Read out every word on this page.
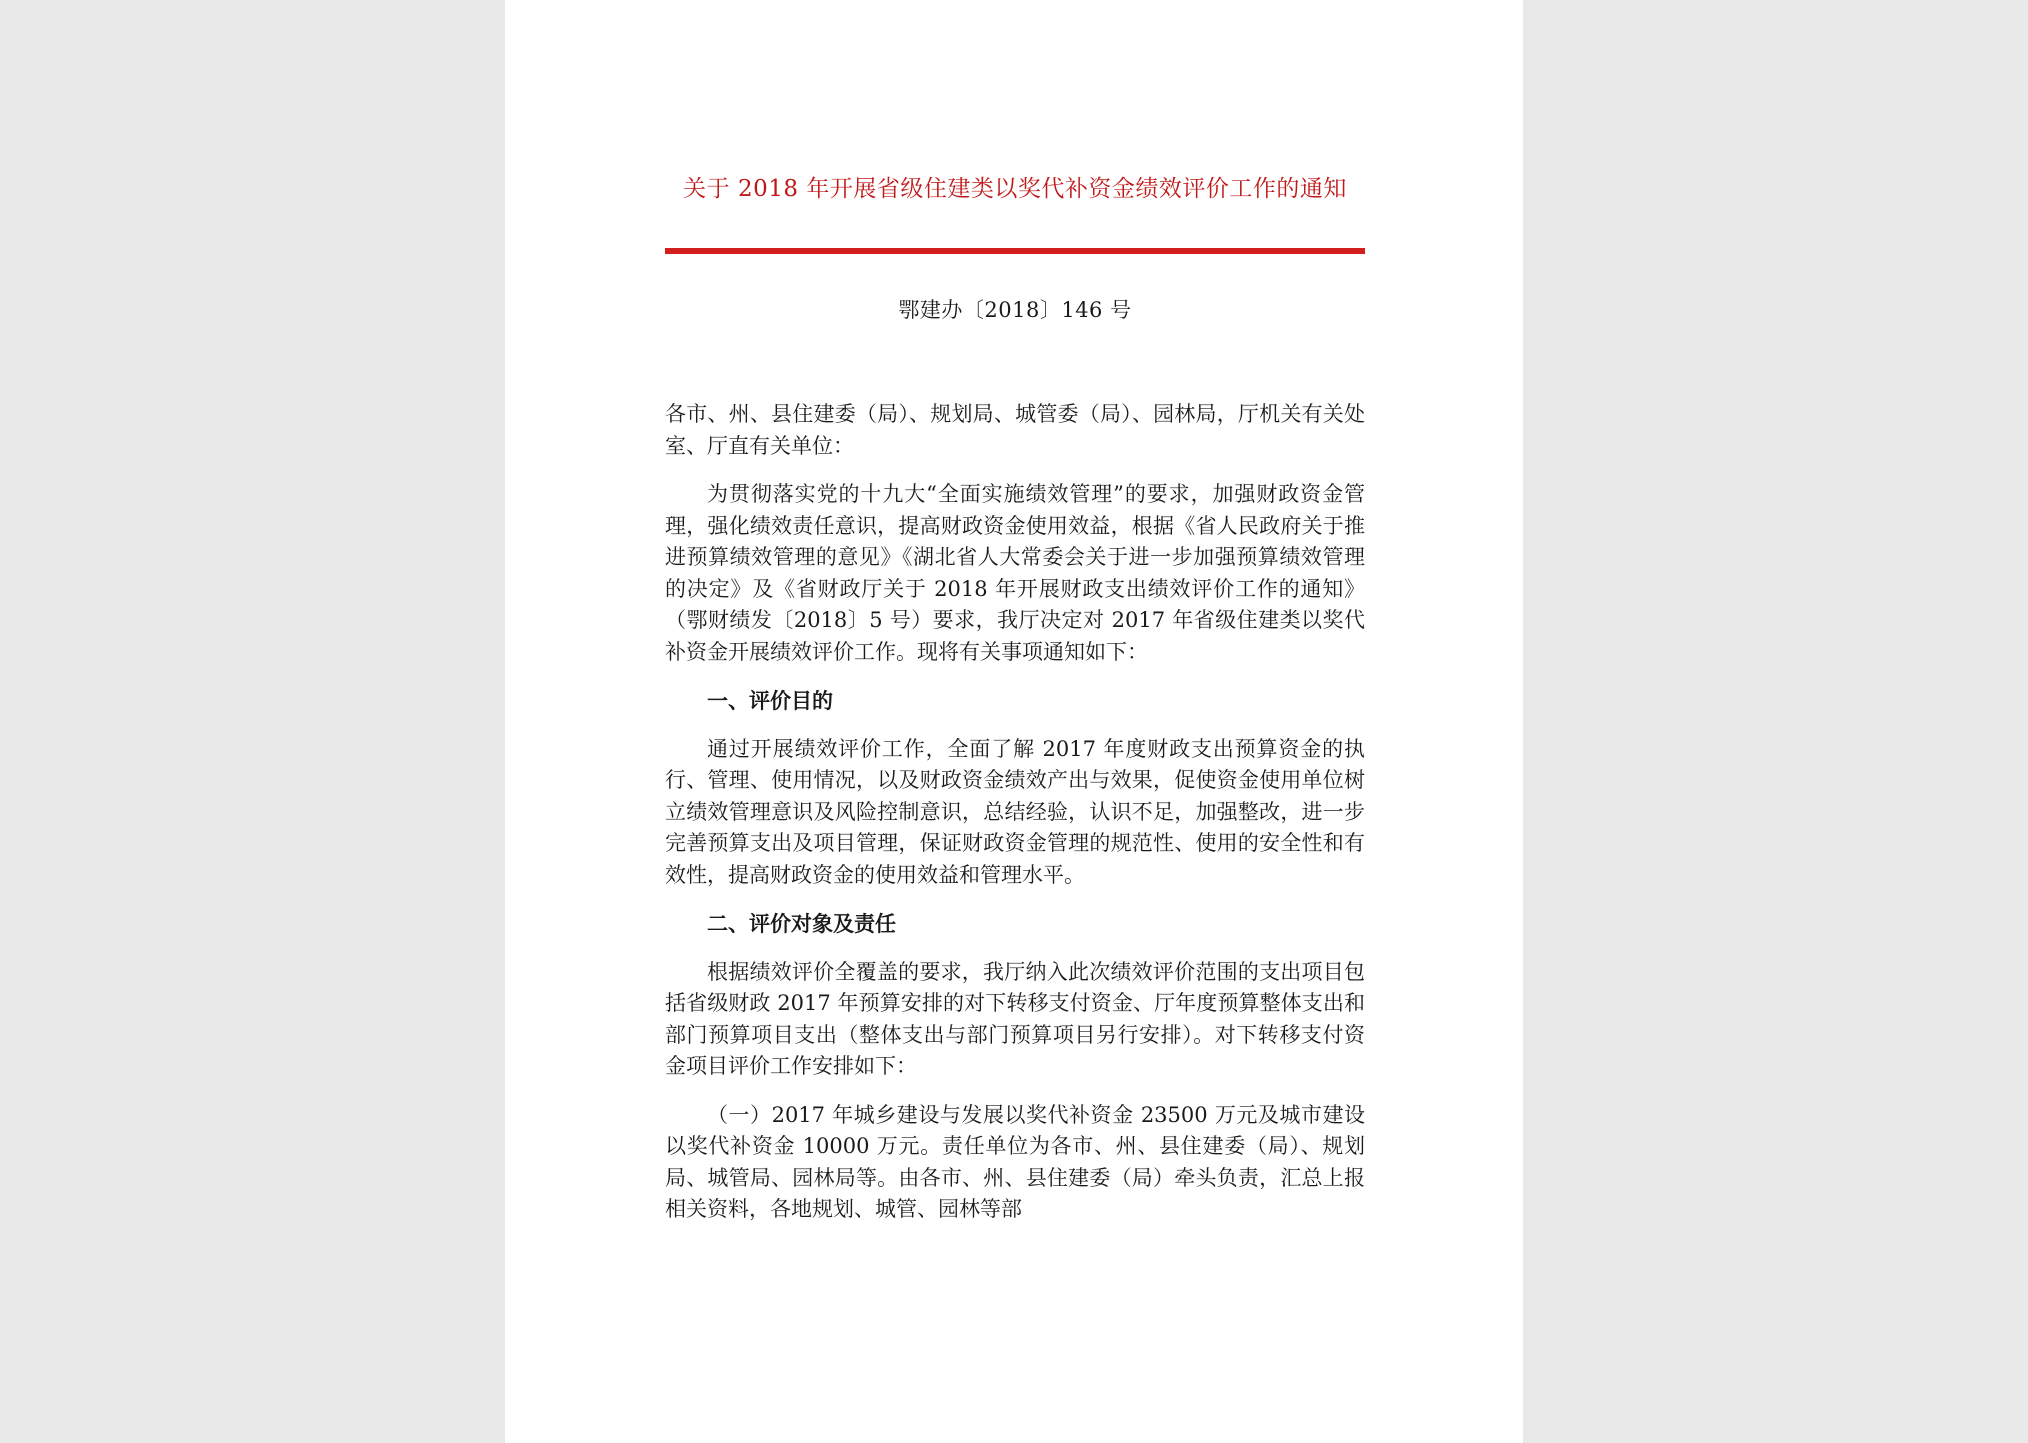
关于 2018 年开展省级住建类以奖代补资金绩效评价工作的通知
鄂建办〔2018〕146 号

各市、州、县住建委（局）、规划局、城管委（局）、园林局，厅机关有关处室、厅直有关单位：

为贯彻落实党的十九大“全面实施绩效管理”的要求，加强财政资金管理，强化绩效责任意识，提高财政资金使用效益，根据《省人民政府关于推进预算绩效管理的意见》《湖北省人大常委会关于进一步加强预算绩效管理的决定》及《省财政厅关于 2018 年开展财政支出绩效评价工作的通知》（鄂财绩发〔2018〕5 号）要求，我厅决定对 2017 年省级住建类以奖代补资金开展绩效评价工作。现将有关事项通知如下：

一、评价目的

通过开展绩效评价工作，全面了解 2017 年度财政支出预算资金的执行、管理、使用情况，以及财政资金绩效产出与效果，促使资金使用单位树立绩效管理意识及风险控制意识，总结经验，认识不足，加强整改，进一步完善预算支出及项目管理，保证财政资金管理的规范性、使用的安全性和有效性，提高财政资金的使用效益和管理水平。

二、评价对象及责任

根据绩效评价全覆盖的要求，我厅纳入此次绩效评价范围的支出项目包括省级财政 2017 年预算安排的对下转移支付资金、厅年度预算整体支出和部门预算项目支出（整体支出与部门预算项目另行安排）。对下转移支付资金项目评价工作安排如下：

（一）2017 年城乡建设与发展以奖代补资金 23500 万元及城市建设以奖代补资金 10000 万元。责任单位为各市、州、县住建委（局）、规划局、城管局、园林局等。由各市、州、县住建委（局）牵头负责，汇总上报相关资料，各地规划、城管、园林等部
